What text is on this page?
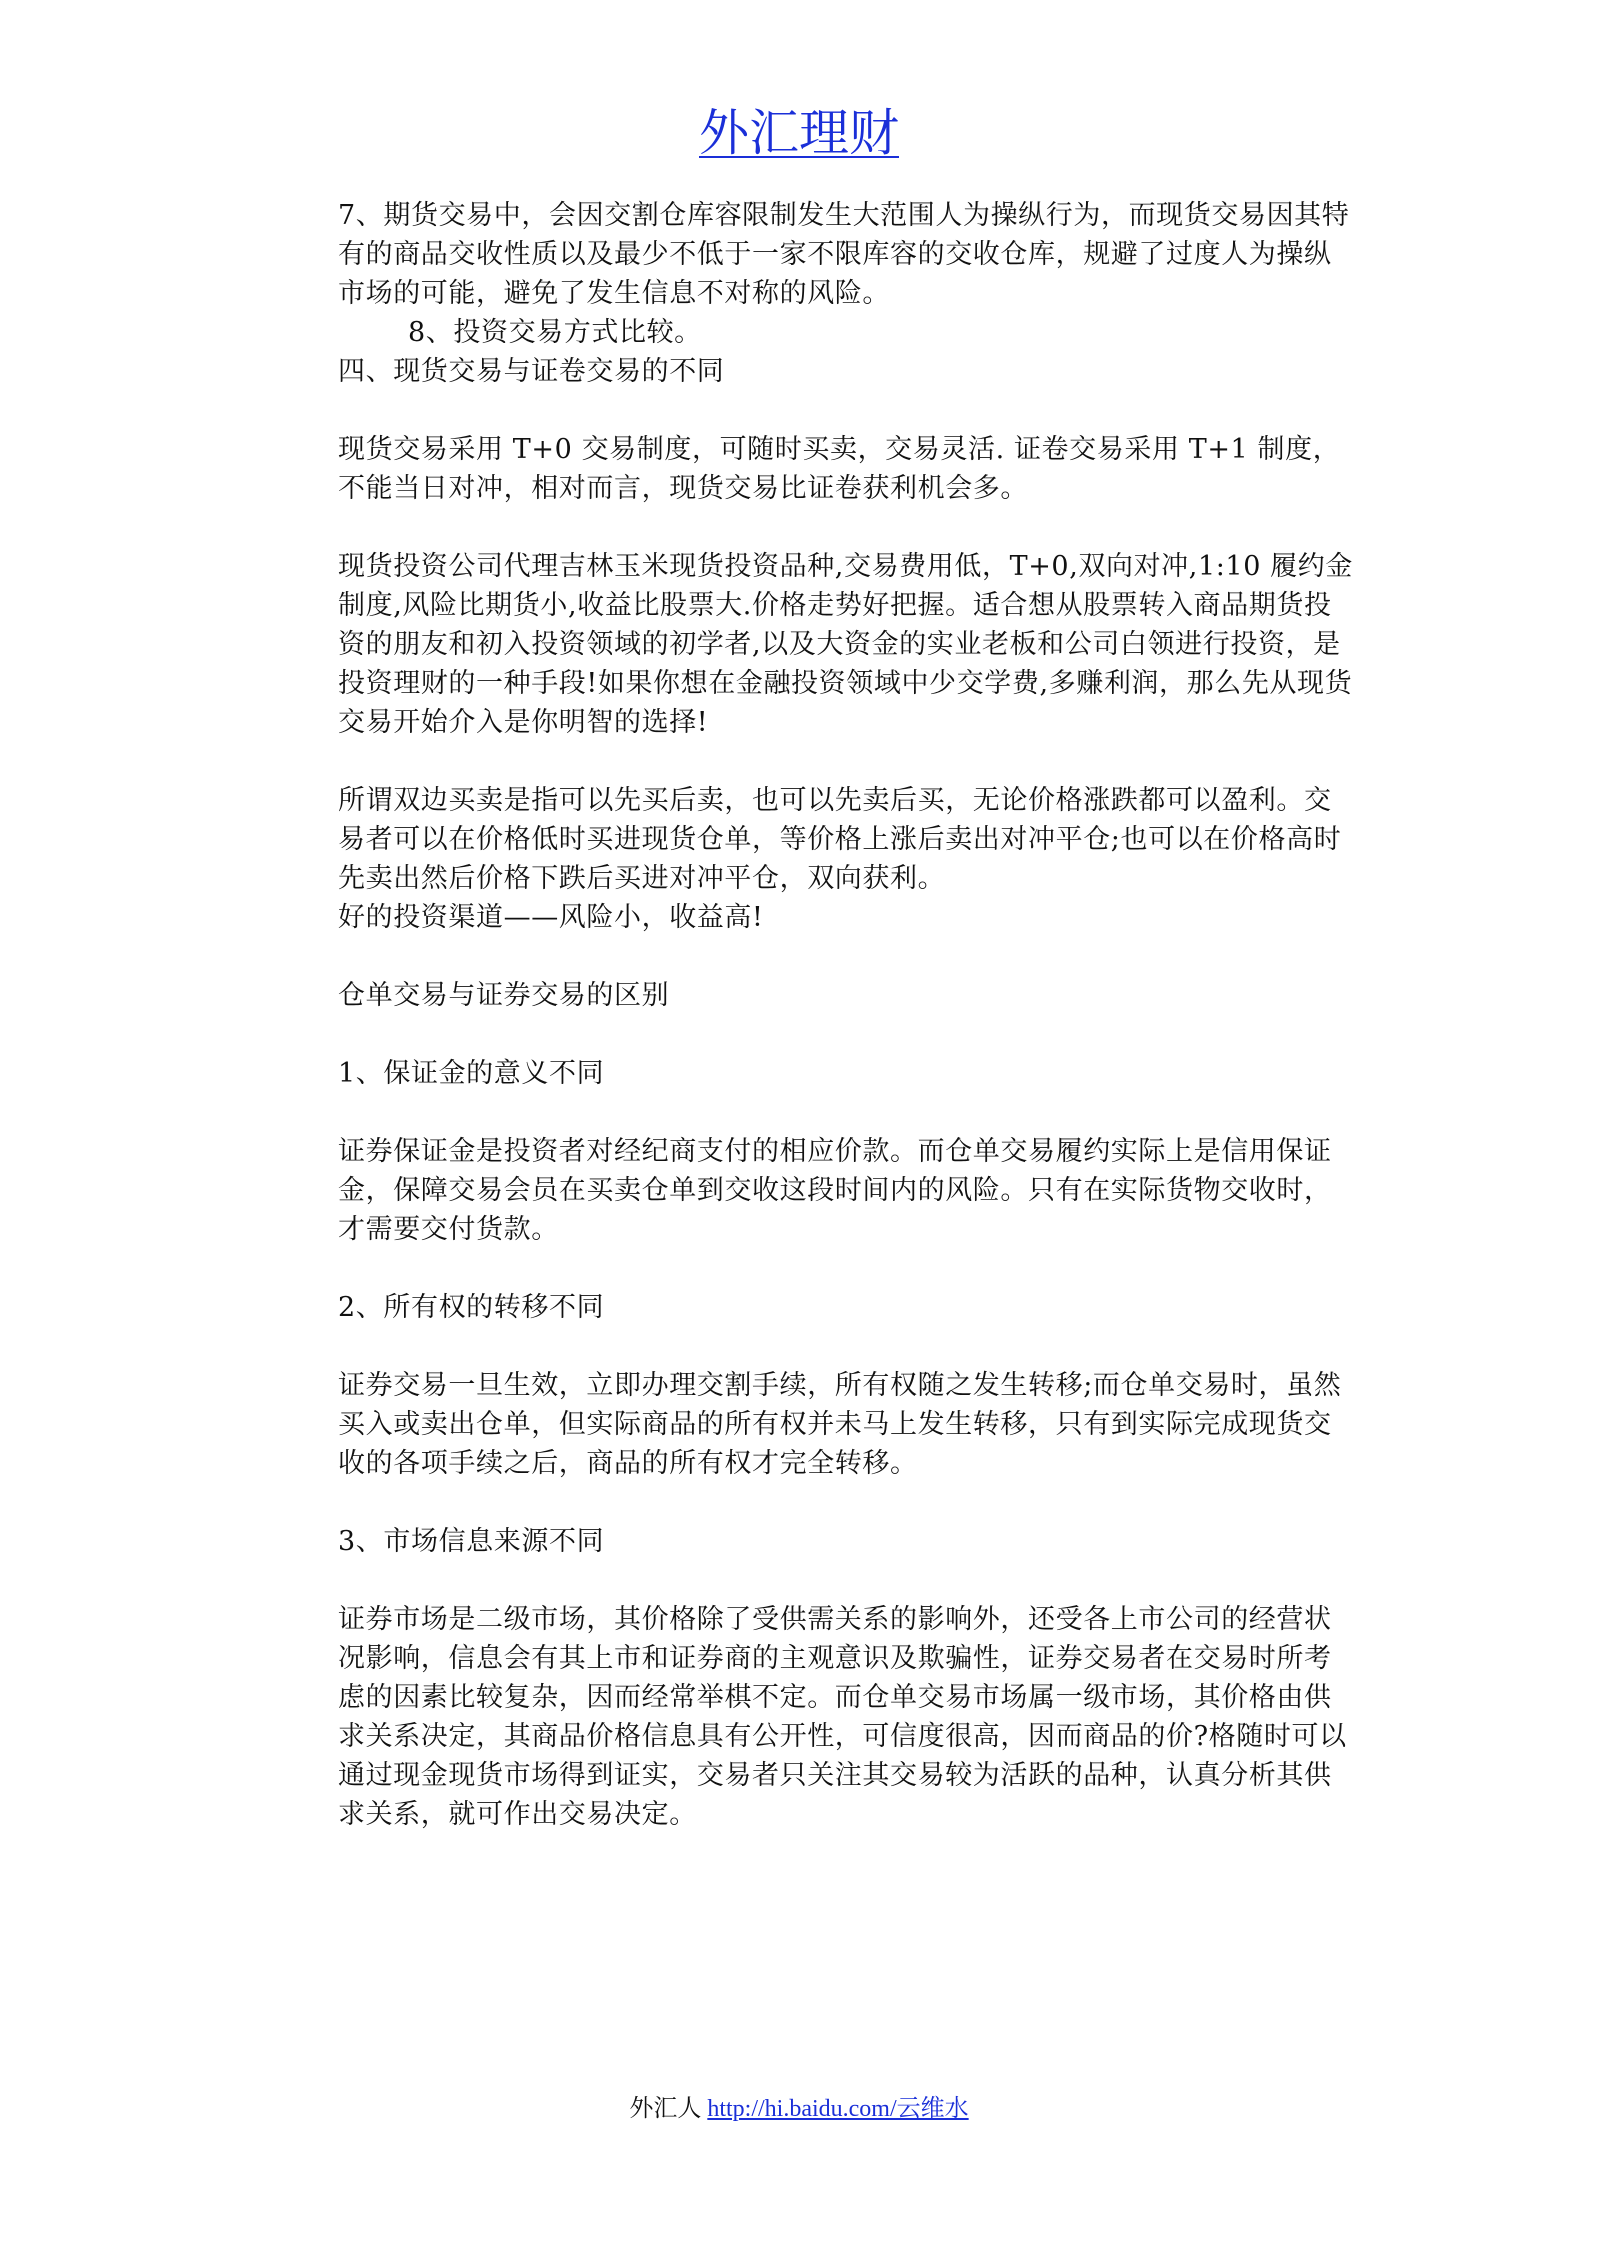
外汇理财

7、期货交易中，会因交割仓库容限制发生大范围人为操纵行为，而现货交易因其特有的商品交收性质以及最少不低于一家不限库容的交收仓库，规避了过度人为操纵市场的可能，避免了发生信息不对称的风险。

8、投资交易方式比较。

四、现货交易与证卷交易的不同

现货交易采用 T+0 交易制度，可随时买卖，交易灵活. 证卷交易采用 T+1 制度，不能当日对冲，相对而言，现货交易比证卷获利机会多。

现货投资公司代理吉林玉米现货投资品种,交易费用低，T+0,双向对冲,1:10 履约金制度,风险比期货小,收益比股票大.价格走势好把握。适合想从股票转入商品期货投资的朋友和初入投资领域的初学者,以及大资金的实业老板和公司白领进行投资，是投资理财的一种手段!如果你想在金融投资领域中少交学费,多赚利润，那么先从现货交易开始介入是你明智的选择!

所谓双边买卖是指可以先买后卖，也可以先卖后买，无论价格涨跌都可以盈利。交易者可以在价格低时买进现货仓单，等价格上涨后卖出对冲平仓;也可以在价格高时先卖出然后价格下跌后买进对冲平仓，双向获利。

好的投资渠道——风险小，收益高!

仓单交易与证券交易的区别

1、保证金的意义不同

证券保证金是投资者对经纪商支付的相应价款。而仓单交易履约实际上是信用保证金，保障交易会员在买卖仓单到交收这段时间内的风险。只有在实际货物交收时，才需要交付货款。

2、所有权的转移不同

证券交易一旦生效，立即办理交割手续，所有权随之发生转移;而仓单交易时，虽然买入或卖出仓单，但实际商品的所有权并未马上发生转移，只有到实际完成现货交收的各项手续之后，商品的所有权才完全转移。

3、市场信息来源不同

证券市场是二级市场，其价格除了受供需关系的影响外，还受各上市公司的经营状况影响，信息会有其上市和证券商的主观意识及欺骗性，证券交易者在交易时所考虑的因素比较复杂，因而经常举棋不定。而仓单交易市场属一级市场，其价格由供求关系决定，其商品价格信息具有公开性，可信度很高，因而商品的价?格随时可以通过现金现货市场得到证实，交易者只关注其交易较为活跃的品种，认真分析其供求关系，就可作出交易决定。

外汇人 http://hi.baidu.com/云维水
